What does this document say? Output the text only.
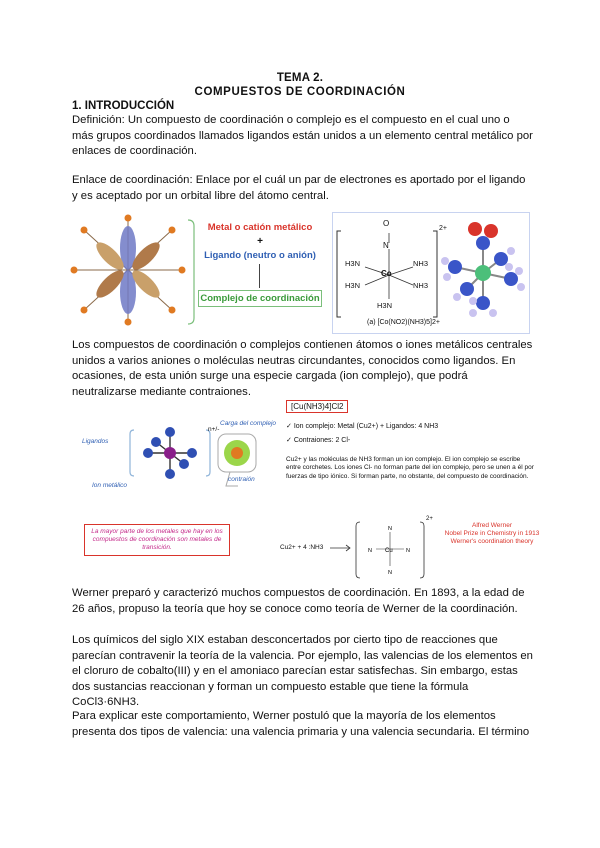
TEMA 2.
COMPUESTOS DE COORDINACIÓN
1. INTRODUCCIÓN
Definición: Un compuesto de coordinación o complejo es el compuesto en el cual uno o más grupos coordinados llamados ligandos están unidos a un elemento central metálico por enlaces de coordinación.
Enlace de coordinación: Enlace por el cuál un par de electrones es aportado por el ligando y es aceptado por un orbital libre del átomo central.
Metal o catión metálico
+
Ligando (neutro o anión)
Complejo de coordinación
O
N
Co
H3N
H3N
NH3
NH3
H3N
2+
(a) [Co(NO2)(NH3)5]2+
Los compuestos de coordinación o complejos contienen átomos o iones metálicos centrales unidos a varios aniones o moléculas neutras circundantes, conocidos como ligandos. En ocasiones, de esta unión surge una especie cargada (ion complejo), que podrá neutralizarse mediante contraiones.
n+/-
Carga del complejo
Ligandos
Ion metálico
contraión
[Cu(NH3)4]Cl2
✓ Ion complejo: Metal (Cu2+) + Ligandos: 4 NH3
✓ Contraiones: 2 Cl-
Cu2+ y las moléculas de NH3 forman un ion complejo. El ion complejo se escribe entre corchetes. Los iones Cl- no forman parte del ion complejo, pero se unen a él por fuerzas de tipo iónico. Si forman parte, no obstante, del compuesto de coordinación.
La mayor parte de los metales que hay en los compuestos de coordinación son metales de transición.	Cu2+ + 4 :NH3	Cu
N	N
N
N
2+
Alfred Werner
Nobel Prize in Chemistry in 1913
Werner's coordination theory
Werner preparó y caracterizó muchos compuestos de coordinación. En 1893, a la edad de 26 años, propuso la teoría que hoy se conoce como teoría de Werner de la coordinación.
Los químicos del siglo XIX estaban desconcertados por cierto tipo de reacciones que parecían contravenir la teoría de la valencia. Por ejemplo, las valencias de los elementos en el cloruro de cobalto(III) y en el amoniaco parecían estar satisfechas. Sin embargo, estas dos sustancias reaccionan y forman un compuesto estable que tiene la fórmula CoCl3·6NH3.
Para explicar este comportamiento, Werner postuló que la mayoría de los elementos presenta dos tipos de valencia: una valencia primaria y una valencia secundaria. El término
